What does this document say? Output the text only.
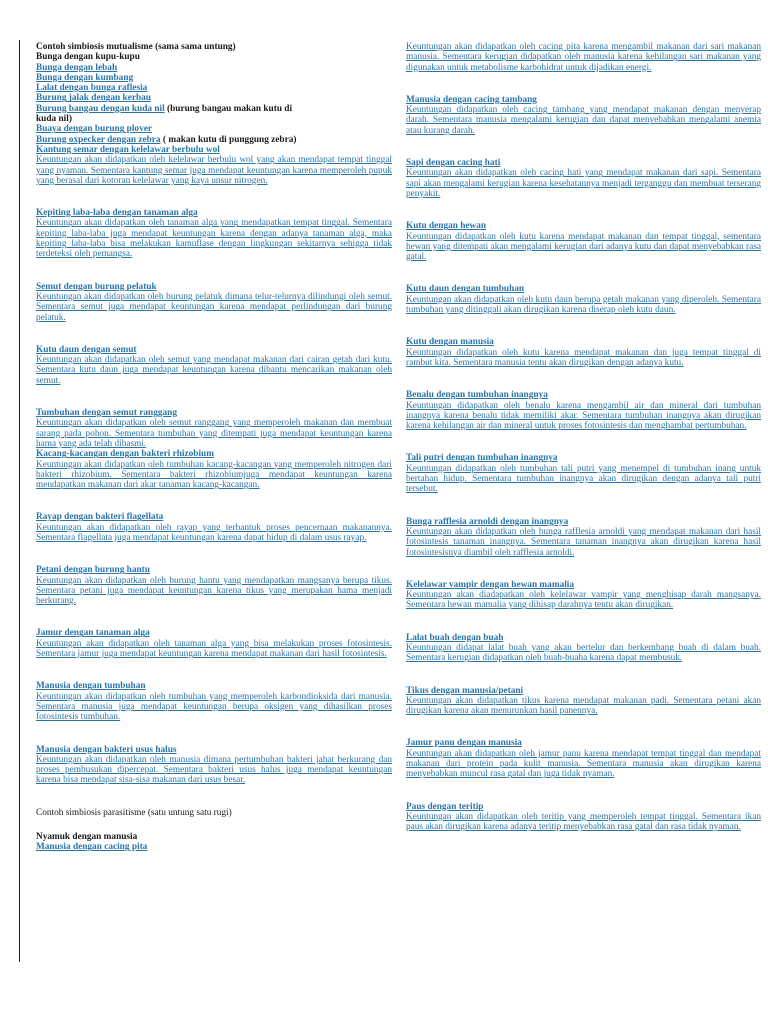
Contoh simbiosis mutualisme (sama sama untung)
Bunga dengan kupu-kupu
Bunga dengan lebah
Bunga dengan kumbang
Lalat dengan bunga raflesia
Burung jalak dengan kerbau
Burung bangau dengan kuda nil (burung bangau makan kutu di
kuda nil)
Buaya dengan burung plover
Burung oxpecker dengan zebra ( makan kutu di punggung zebra)
Kantung semar dengan kelelawar berbulu wol
Keuntungan akan didapatkan oleh kelelawar berbulu wol yang akan mendapat tempat tinggal yang nyaman. Sementara kantung semar juga mendapat keuntungan karena memperoleh pupuk yang berasal dari kotoran kelelawar yang kaya unsur nitrogen.
Kepiting laba-laba dengan tanaman alga
Keuntungan akan didapatkan oleh tanaman alga yang mendapatkan tempat tinggal. Sementara kepiting laba-laba juga mendapat keuntungan karena dengan adanya tanaman alga, maka kepiting laba-laba bisa melakukan kamuflase dengan lingkungan sekitarnya sehigga tidak terdeteksi oleh pemangsa.
Semut dengan burung pelatuk
Keuntungan akan didapatkan oleh burung pelatuk dimana telur-telurnya dilindungi oleh semut. Sementara semut juga mendapat keuntungan karena mendapat perlindungan dari burung pelatuk.
Kutu daun dengan semut
Keuntungan akan didapatkan oleh semut yang mendapat makanan dari cairan getah dari kutu. Sementara kutu daun juga mendapat keuntungan karena dibantu mencarikan makanan oleh semut.
Tumbuhan dengan semut ranggang
Keuntungan akan didapatkan oleh semut ranggang yang memperoleh makanan dan membuat sarang pada pohon. Sementara tumbuhan yang ditempati juga mendapat keuntungan karena hama yang ada telah dibasmi.
Kacang-kacangan dengan bakteri rhizobium
Keuntungan akan didapatkan oleh tumbuhan kacang-kacangan yang memperoleh nitrogen dari bakteri rhizobium. Sementara bakteri rhizobiumjuga mendapat keuntungan karena mendapatkan makanan dari akar tanaman kacang-kacangan.
Rayap dengan bakteri flagellata
Keuntungan akan didapatkan oleh rayap yang terbantuk proses pencernaan makanannya. Sementara flagellata juga mendapat keuntungan karena dapat hidup di dalam usus rayap.
Petani dengan burung hantu
Keuntungan akan didapatkan oleh burung hantu yang mendapatkan mangsanya berupa tikus. Sementara petani juga mendapat keuntungan karena tikus yang merupakan hama menjadi berkurang.
Jamur dengan tanaman alga
Keuntungan akan didapatkan oleh tanaman alga yang bisa melakukan proses fotosintesis. Sementara jamur juga mendapat keuntungan karena mendapat makanan dari hasil fotosintesis.
Manusia dengan tumbuhan
Keuntungan akan didapatkan oleh tumbuhan yang memperoleh karbondioksida dari manusia. Sementara manusia juga mendapat keuntungan berupa oksigen yang dihasilkan proses fotosintesis tumbuhan.
Manusia dengan bakteri usus halus
Keuntungan akan didapatkan oleh manusia dimana pertumbuhan bakteri jahat berkurang dan proses pembusukan dipercepat. Sementara bakteri usus halus juga mendapat keuntungan karena bisa mendapat sisa-sisa makanan dari usus besar.
Contoh simbiosis parasitisme (satu untung satu rugi)
Nyamuk dengan manusia
Manusia dengan cacing pita
Keuntungan akan didapatkan oleh cacing pita karena mengambil makanan dari sari makanan manusia. Sementara kerugian didapatkan oleh manusia karena kehilangan sari makanan yang digunakan untuk metabolisme karbohidrat untuk dijadikan energi.
Manusia dengan cacing tambang
Keuntungan didapatkan oleh cacing tambang yang mendapat makanan dengan menyerap darah. Sementara manusia mengalami kerugian dan dapat menyebabkan mengalami anemia atau kurang darah.
Sapi dengan cacing hati
Keuntungan akan didapatkan oleh cacing hati yang mendapat makanan dari sapi. Sementara sapi akan mengalami kerugian karena kesehatannya menjadi terganggu dan membuat terserang penyakit.
Kutu dengan hewan
Keuntungan didapatkan oleh kutu karena mendapat makanan dan tempat tinggal, sementara hewan yang ditempati akan mengalami kerugian dari adanya kutu dan dapat menyebabkan rasa gatal.
Kutu daun dengan tumbuhan
Keuntungan akan didapatkan oleh kutu daun berupa getah makanan yang diperoleh. Sementara tumbuhan yang ditinggali akan dirugikan karena diserap oleh kutu daun.
Kutu dengan manusia
Keuntungan didapatkan oleh kutu karena mendapat makanan dan juga tempat tinggal di rambut kita. Sementara manusia tentu akan dirugikan dengan adanya kutu.
Benalu dengan tumbuhan inangnya
Keuntungan didapatkan oleh benalu karena mengambil air dan mineral dari tumbuhan inangnya karena benalu tidak memiliki akar. Sementara tumbuhan inangnya akan dirugikan karena kehilangan air dan mineral untuk proses fotosintesis dan menghambat pertumbuhan.
Tali putri dengan tumbuhan inangnya
Keuntungan didapatkan oleh tumbuhan tali putri yang menempel di tumbuhan inang untuk bertahan hidup. Sementara tumbuhan inangnya akan dirugikan dengan adanya tali putri tersebut.
Bunga rafflesia arnoldi dengan inangnya
Keuntungan akan didapatkan oleh bunga rafflesia arnoldi yang mendapat makanan dari hasil fotosintesis tanaman inangnya. Sementara tanaman inangnya akan dirugikan karena hasil fotosintesisnya diambil oleh rafflesia arnoldi.
Kelelawar vampir dengan hewan mamalia
Keuntungan akan diadapatkan oleh kelelawar vampir yang menghisap darah mangsanya. Sementara hewan mamalia yang dihisap darahnya tentu akan dirugikan.
Lalat buah dengan buah
Keuntungan didapat lalat buah yang akan bertelur dan berkembang buah di dalam buah. Sementara kerugian didapatkan oleh buah-buaha karena dapat membusuk.
Tikus dengan manusia/petani
Keuntungan akan didapatkan tikus karena mendapat makanan padi. Sementara petani akan dirugikan karena akan menurunkan hasil panennya.
Jamur panu dengan manusia
Keuntungan akan didapatkan oleh jamur panu karena mendapat tempat tinggal dan mendapat makanan dari protein pada kulit manusia. Sementara manusia akan dirugikan karena menyebabkan muncul rasa gatal dan juga tidak nyaman.
Paus dengan teritip
Keuntungan akan didapatkan oleh teritip yang memperoleh tempat tinggal. Sementara ikan paus akan dirugikan karena adanya teritip menyebabkan rasa gatal dan rasa tidak nyaman.
